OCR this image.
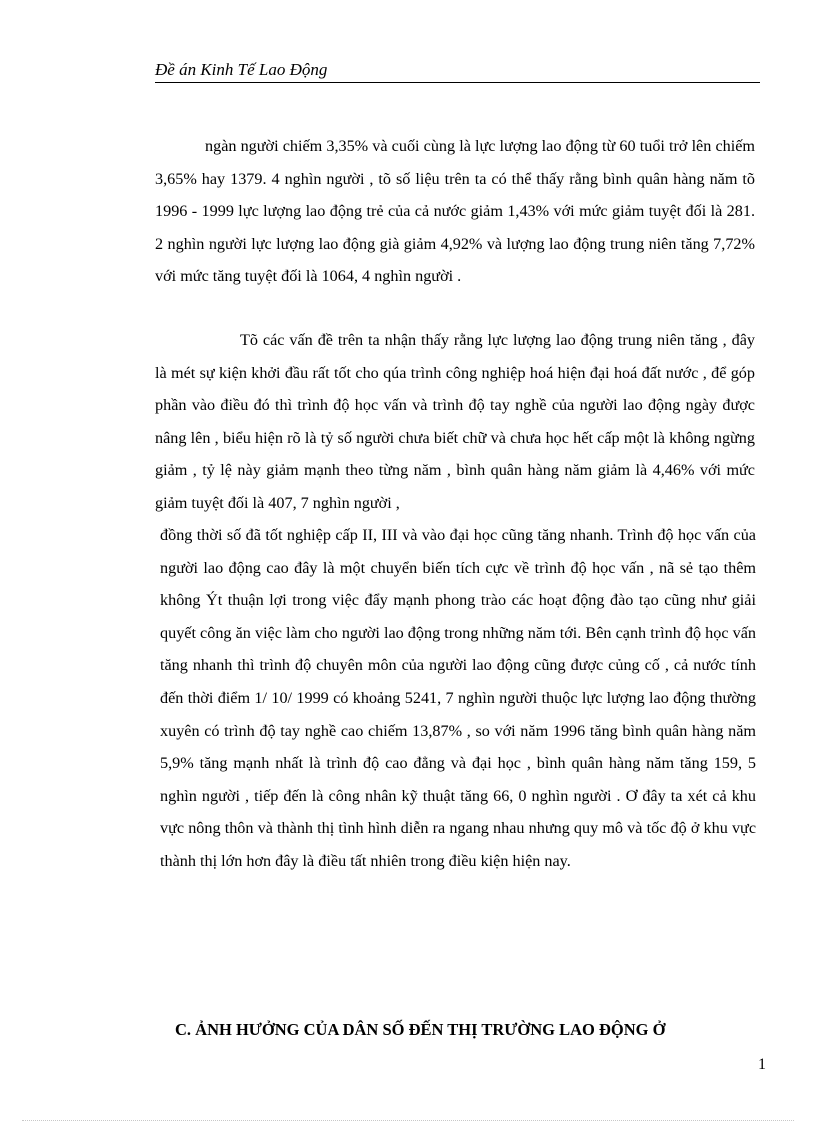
Đề án Kinh Tế Lao Động

ngàn người chiếm 3,35% và cuối cùng là lực lượng lao động từ 60 tuổi trở lên chiếm 3,65% hay 1379. 4 nghìn người , tõ số liệu trên ta có thể thấy rằng bình quân hàng năm tõ 1996 - 1999 lực lượng lao động trẻ của cả nước giảm 1,43% với mức giảm tuyệt đối là 281. 2 nghìn người lực lượng lao động già giảm 4,92% và lượng lao động trung niên tăng 7,72% với mức tăng tuyệt đối là 1064, 4 nghìn người .

Tõ các vấn đề trên ta nhận thấy rằng lực lượng lao động trung niên tăng , đây là mét sự kiện khởi đầu rất tốt cho qúa trình công nghiệp hoá hiện đại hoá đất nước , để góp phần vào điều đó thì trình độ học vấn và trình độ tay nghề của người lao động ngày được nâng lên , biểu hiện rõ là tỷ số người chưa biết chữ và chưa học hết cấp một là không ngừng giảm , tỷ lệ này giảm mạnh theo từng năm , bình quân hàng năm giảm là 4,46% với mức giảm tuyệt đối là 407, 7 nghìn người ,

đồng thời số đã tốt nghiệp cấp II, III và vào đại học cũng tăng nhanh. Trình độ học vấn của người lao động cao đây là một chuyển biến tích cực về trình độ học vấn , nã sẻ tạo thêm không Ýt thuận lợi trong việc đẩy mạnh phong trào các hoạt động đào tạo cũng như giải quyết công ăn việc làm cho người lao động trong những năm tới. Bên cạnh trình độ học vấn tăng nhanh thì trình độ chuyên môn của người lao động cũng được củng cố , cả nước tính đến thời điểm 1/ 10/ 1999 có khoảng 5241, 7 nghìn người thuộc lực lượng lao động thường xuyên có trình độ tay nghề cao chiếm 13,87% , so với năm 1996 tăng bình quân hàng năm 5,9% tăng mạnh nhất là trình độ cao đẳng và đại học , bình quân hàng năm tăng 159, 5 nghìn người , tiếp đến là công nhân kỹ thuật tăng 66, 0 nghìn người . Ơ đây ta xét cả khu vực nông thôn và thành thị tình hình diễn ra ngang nhau nhưng quy mô và tốc độ ở khu vực thành thị lớn hơn đây là điều tất nhiên trong điều kiện hiện nay.

C. ẢNH HƯỞNG CỦA DÂN SỐ ĐẾN THỊ TRƯỜNG LAO ĐỘNG Ở
1
